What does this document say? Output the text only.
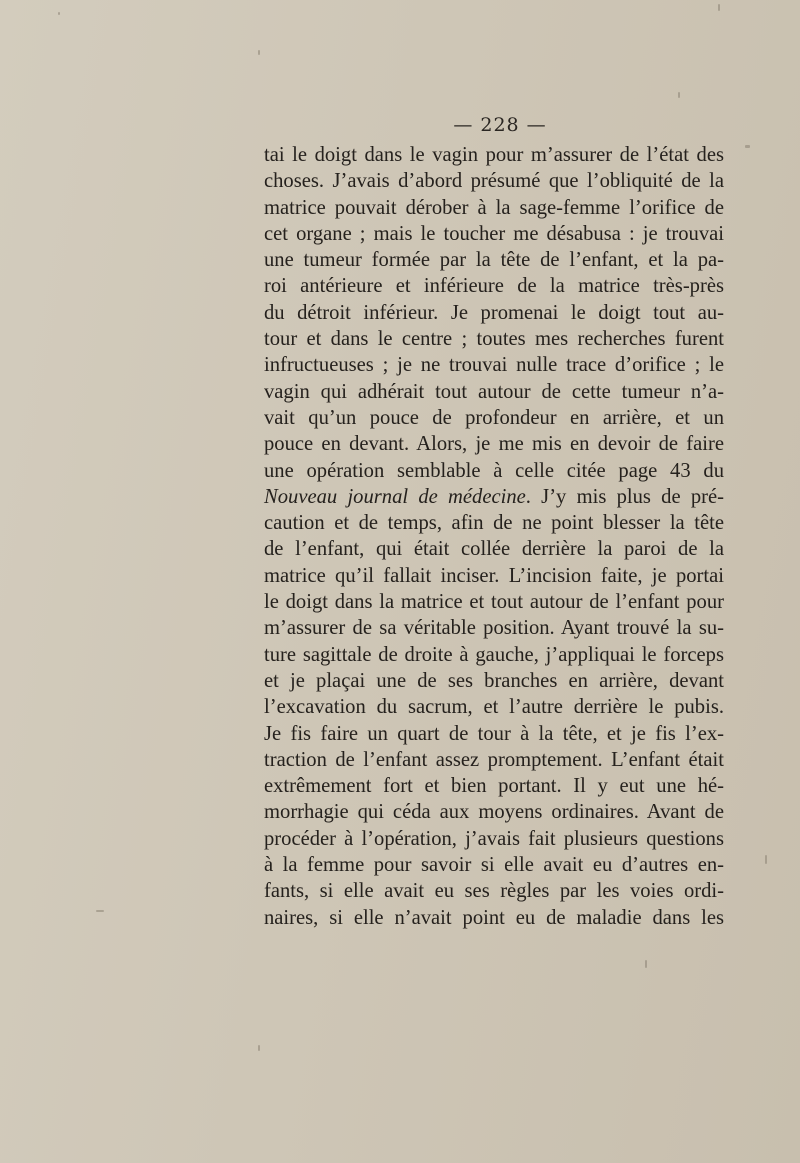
— 228 —
tai le doigt dans le vagin pour m’assurer de l’état des
choses. J’avais d’abord présumé que l’obliquité de la
matrice pouvait dérober à la sage-femme l’orifice de
cet organe ; mais le toucher me désabusa : je trouvai
une tumeur formée par la tête de l’enfant, et la pa-
roi antérieure et inférieure de la matrice très-près
du détroit inférieur. Je promenai le doigt tout au-
tour et dans le centre ; toutes mes recherches furent
infructueuses ; je ne trouvai nulle trace d’orifice ; le
vagin qui adhérait tout autour de cette tumeur n’a-
vait qu’un pouce de profondeur en arrière, et un
pouce en devant. Alors, je me mis en devoir de faire
une opération semblable à celle citée page 43 du
Nouveau journal de médecine. J’y mis plus de pré-
caution et de temps, afin de ne point blesser la tête
de l’enfant, qui était collée derrière la paroi de la
matrice qu’il fallait inciser. L’incision faite, je portai
le doigt dans la matrice et tout autour de l’enfant pour
m’assurer de sa véritable position. Ayant trouvé la su-
ture sagittale de droite à gauche, j’appliquai le forceps
et je plaçai une de ses branches en arrière, devant
l’excavation du sacrum, et l’autre derrière le pubis.
Je fis faire un quart de tour à la tête, et je fis l’ex-
traction de l’enfant assez promptement. L’enfant était
extrêmement fort et bien portant. Il y eut une hé-
morrhagie qui céda aux moyens ordinaires. Avant de
procéder à l’opération, j’avais fait plusieurs questions
à la femme pour savoir si elle avait eu d’autres en-
fants, si elle avait eu ses règles par les voies ordi-
naires, si elle n’avait point eu de maladie dans les
